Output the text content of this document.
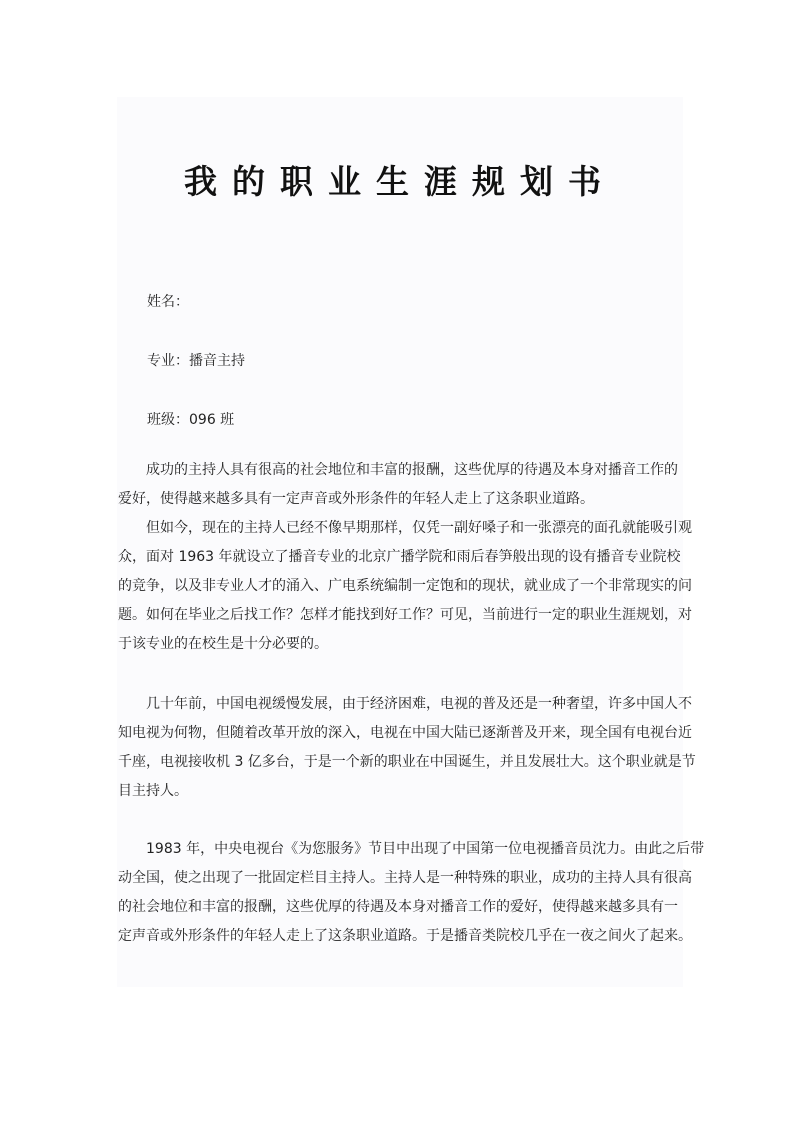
我的职业生涯规划书
姓名：
专业：播音主持
班级：096 班
成功的主持人具有很高的社会地位和丰富的报酬，这些优厚的待遇及本身对播音工作的
爱好，使得越来越多具有一定声音或外形条件的年轻人走上了这条职业道路。
但如今，现在的主持人已经不像早期那样，仅凭一副好嗓子和一张漂亮的面孔就能吸引观
众，面对 1963 年就设立了播音专业的北京广播学院和雨后春笋般出现的设有播音专业院校
的竞争，以及非专业人才的涌入、广电系统编制一定饱和的现状，就业成了一个非常现实的问
题。如何在毕业之后找工作？怎样才能找到好工作？可见，当前进行一定的职业生涯规划，对
于该专业的在校生是十分必要的。
几十年前，中国电视缓慢发展，由于经济困难，电视的普及还是一种奢望，许多中国人不
知电视为何物，但随着改革开放的深入，电视在中国大陆已逐渐普及开来，现全国有电视台近
千座，电视接收机 3 亿多台，于是一个新的职业在中国诞生，并且发展壮大。这个职业就是节
目主持人。
1983 年，中央电视台《为您服务》节目中出现了中国第一位电视播音员沈力。由此之后带
动全国，使之出现了一批固定栏目主持人。主持人是一种特殊的职业，成功的主持人具有很高
的社会地位和丰富的报酬，这些优厚的待遇及本身对播音工作的爱好，使得越来越多具有一
定声音或外形条件的年轻人走上了这条职业道路。于是播音类院校几乎在一夜之间火了起来。
